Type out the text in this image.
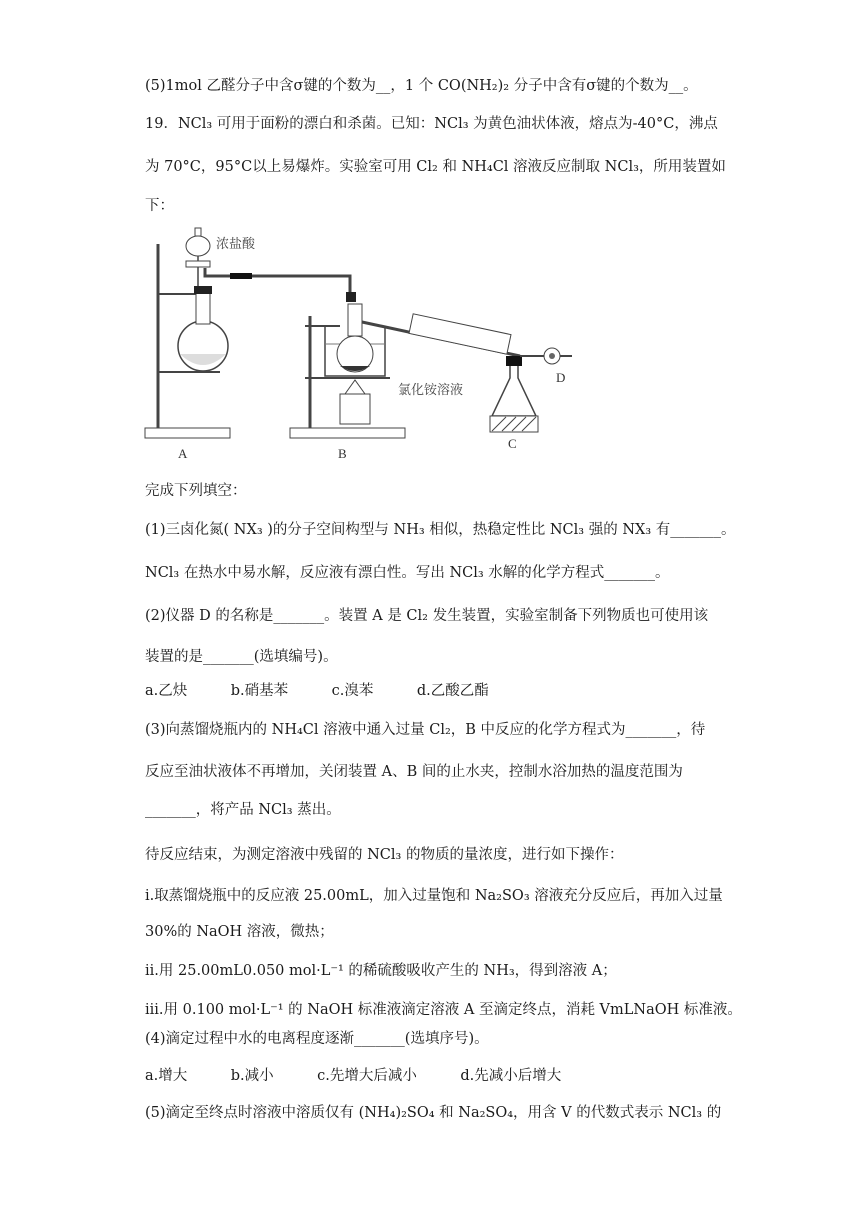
(5)1mol 乙醛分子中含σ键的个数为__，1 个 CO(NH₂)₂ 分子中含有σ键的个数为__。
19．NCl₃ 可用于面粉的漂白和杀菌。已知：NCl₃ 为黄色油状体液，熔点为-40°C，沸点
为 70°C，95°C以上易爆炸。实验室可用 Cl₂ 和 NH₄Cl 溶液反应制取 NCl₃，所用装置如
下：
浓盐酸
氯化铵溶液
A	B
C
D
完成下列填空：
(1)三卤化氮( NX₃ )的分子空间构型与 NH₃ 相似，热稳定性比 NCl₃ 强的 NX₃ 有_______。
NCl₃ 在热水中易水解，反应液有漂白性。写出 NCl₃ 水解的化学方程式_______。
(2)仪器 D 的名称是_______。装置 A 是 Cl₂ 发生装置，实验室制备下列物质也可使用该
装置的是_______(选填编号)。
a.乙炔　　　b.硝基苯　　　c.溴苯　　　d.乙酸乙酯
(3)向蒸馏烧瓶内的 NH₄Cl 溶液中通入过量 Cl₂，B 中反应的化学方程式为_______，待
反应至油状液体不再增加，关闭装置 A、B 间的止水夹，控制水浴加热的温度范围为
_______，将产品 NCl₃ 蒸出。
待反应结束，为测定溶液中残留的 NCl₃ 的物质的量浓度，进行如下操作：
i.取蒸馏烧瓶中的反应液 25.00mL，加入过量饱和 Na₂SO₃ 溶液充分反应后，再加入过量
30%的 NaOH 溶液，微热；
ii.用 25.00mL0.050 mol·L⁻¹ 的稀硫酸吸收产生的 NH₃，得到溶液 A；
iii.用 0.100 mol·L⁻¹ 的 NaOH 标准液滴定溶液 A 至滴定终点，消耗 VmLNaOH 标准液。
(4)滴定过程中水的电离程度逐渐_______(选填序号)。
a.增大　　　b.减小　　　c.先增大后减小　　　d.先减小后增大
(5)滴定至终点时溶液中溶质仅有 (NH₄)₂SO₄ 和 Na₂SO₄，用含 V 的代数式表示 NCl₃ 的
